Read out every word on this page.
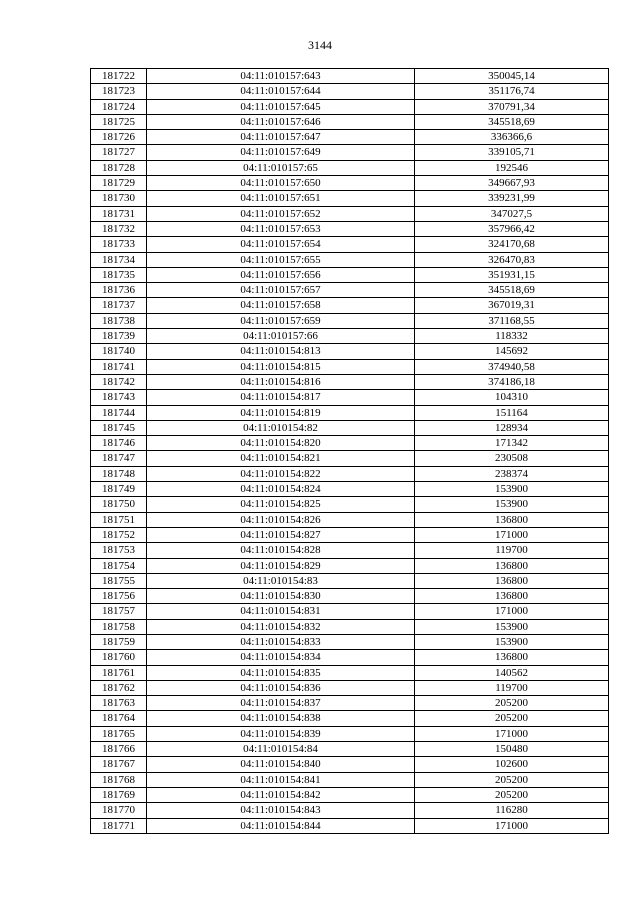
3144
181722	04:11:010157:643	350045,14
181723	04:11:010157:644	351176,74
181724	04:11:010157:645	370791,34
181725	04:11:010157:646	345518,69
181726	04:11:010157:647	336366,6
181727	04:11:010157:649	339105,71
181728	04:11:010157:65	192546
181729	04:11:010157:650	349667,93
181730	04:11:010157:651	339231,99
181731	04:11:010157:652	347027,5
181732	04:11:010157:653	357966,42
181733	04:11:010157:654	324170,68
181734	04:11:010157:655	326470,83
181735	04:11:010157:656	351931,15
181736	04:11:010157:657	345518,69
181737	04:11:010157:658	367019,31
181738	04:11:010157:659	371168,55
181739	04:11:010157:66	118332
181740	04:11:010154:813	145692
181741	04:11:010154:815	374940,58
181742	04:11:010154:816	374186,18
181743	04:11:010154:817	104310
181744	04:11:010154:819	151164
181745	04:11:010154:82	128934
181746	04:11:010154:820	171342
181747	04:11:010154:821	230508
181748	04:11:010154:822	238374
181749	04:11:010154:824	153900
181750	04:11:010154:825	153900
181751	04:11:010154:826	136800
181752	04:11:010154:827	171000
181753	04:11:010154:828	119700
181754	04:11:010154:829	136800
181755	04:11:010154:83	136800
181756	04:11:010154:830	136800
181757	04:11:010154:831	171000
181758	04:11:010154:832	153900
181759	04:11:010154:833	153900
181760	04:11:010154:834	136800
181761	04:11:010154:835	140562
181762	04:11:010154:836	119700
181763	04:11:010154:837	205200
181764	04:11:010154:838	205200
181765	04:11:010154:839	171000
181766	04:11:010154:84	150480
181767	04:11:010154:840	102600
181768	04:11:010154:841	205200
181769	04:11:010154:842	205200
181770	04:11:010154:843	116280
181771	04:11:010154:844	171000
